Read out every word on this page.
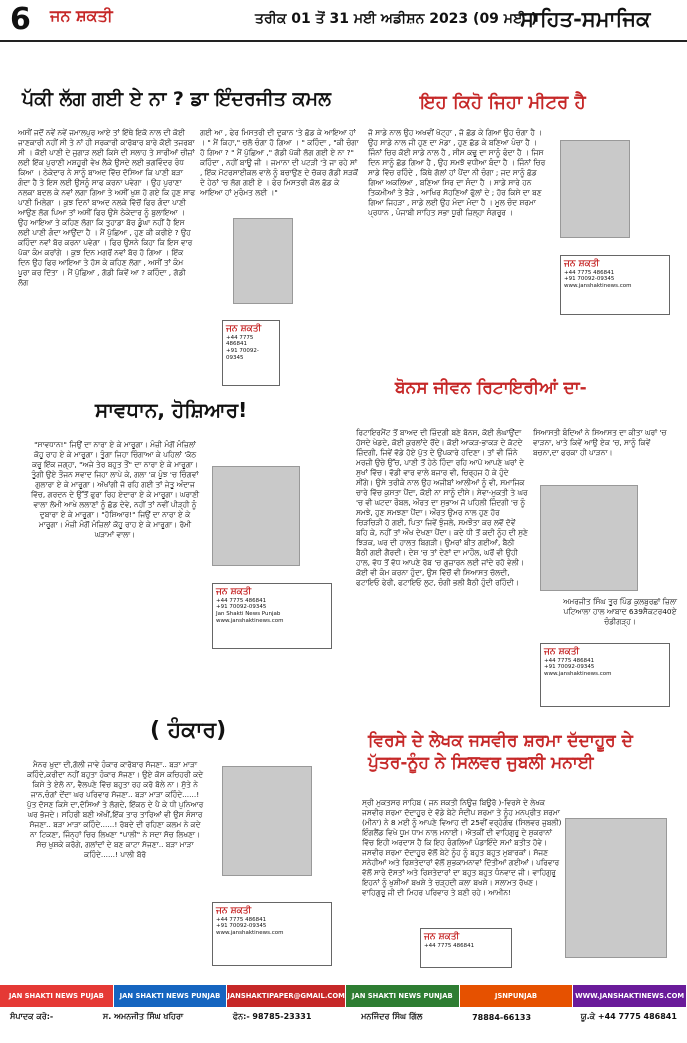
6 ਜਨ ਸ਼ਕਤੀ	ਤਰੀਕ 01 ਤੋਂ 31 ਮਈ ਅਡੀਸ਼ਨ 2023 (09 ਮਈ )
ਸਾਹਿਤ-ਸਮਾਜਿਕ
ਪੱਕੀ ਲੱਗ ਗਈ ਏ ਨਾ ? ਡਾ ਇੰਦਰਜੀਤ ਕਮਲ
ਅਸੀਂ ਜਦੋਂ ਨਵੇਂ ਨਵੇਂ ਜਮਾਲਪੁਰ ਆਏ ਤਾਂ ਇੱਥੇ ਇਕੋ ਨਾਲ ਦੀ ਕੋਈ ਜਾਣਕਾਰੀ ਨਹੀਂ ਸੀ ਤੇ ਨਾਂ ਹੀ ਸਰਕਾਰੀ ਕਾਰੋਬਾਰ ਬਾਰੇ ਕੋਈ ਤਜਰਬਾ ਸੀ । ਕੋਈ ਪਾਣੀ ਦੇ ਜੁਗਾੜ ਲਈ ਕਿਸੇ ਦੀ ਸਲਾਹ ਤੇ ਸਾਰੀਆਂ ਚੀਜ਼ਾਂ ਲਈ ਇੱਕ ਪੁਰਾਣੀ ਮਸ਼ਹੂਰੀ ਵੇਖ ਲੈਕੇ ਉਸਦੇ ਲਈ ਭਗਵਿੰਦਰ ਰੰਧ ਕਿਆ । ਠੇਕੇਦਾਰ ਨੇ ਸਾਨੂੰ ਬਾਅਦ ਵਿੱਚ ਦੱਸਿਆ ਕਿ ਪਾਣੀ ਬੜਾ ਗੰਦਾ ਹੈ ਤੇ ਇਸ ਲਈ ਉਸਨੂੰ ਸਾਫ ਕਰਨਾ ਪਵੇਗਾ । ਉਹ ਪੁਰਾਣਾ ਨਲਕਾ ਬਦਲ ਕੇ ਨਵਾਂ ਲਗਾ ਗਿਆ ਤੇ ਅਸੀਂ ਖੁਸ਼ ਹੋ ਗਏ ਕਿ ਹੁਣ ਸਾਫ ਪਾਣੀ ਮਿਲੇਗਾ । ਕੁਝ ਦਿਨਾਂ ਬਾਅਦ ਨਲਕੇ ਵਿੱਚੋਂ ਫਿਰ ਗੰਦਾ ਪਾਣੀ ਆਉਣ ਲੱਗ ਪਿਆ ਤਾਂ ਅਸੀਂ ਫਿਰ ਉਸੇ ਠੇਕੇਦਾਰ ਨੂੰ ਬੁਲਾਇਆ । ਉਹ ਆਇਆ ਤੇ ਕਹਿਣ ਲੱਗਾ ਕਿ ਤੁਹਾਡਾ ਬੋਰ ਡੂੰਘਾ ਨਹੀਂ ਹੈ ਇਸ ਲਈ ਪਾਣੀ ਗੰਦਾ ਆਉਂਦਾ ਹੈ । ਮੈਂ ਪੁੱਛਿਆ , ਹੁਣ ਕੀ ਕਰੀਏ ? ਉਹ ਕਹਿੰਦਾ ਨਵਾਂ ਬੋਰ ਕਰਨਾ ਪਵੇਗਾ । ਫਿਰ ਉਸਨੇ ਕਿਹਾ ਕਿ ਇਸ ਵਾਰ ਪੱਕਾ ਕੰਮ ਕਰਾਂਗੇ । ਕੁਝ ਦਿਨ ਮਗਰੋਂ ਨਵਾਂ ਬੋਰ ਹੋ ਗਿਆ । ਇੱਕ ਦਿਨ ਉਹ ਫਿਰ ਆਇਆ ਤੇ ਹੱਸ ਕੇ ਕਹਿਣ ਲੱਗਾ , ਅਸੀਂ ਤਾਂ ਕੰਮ ਪੂਰਾ ਕਰ ਦਿੱਤਾ । ਮੈਂ ਪੁੱਛਿਆ , ਗੱਡੀ ਕਿਵੇਂ ਆ ? ਕਹਿੰਦਾ , ਗੱਡੀ ਲੱਗ
ਗਈ ਆ , ਫੇਰ ਮਿਸਤਰੀ ਦੀ ਦੁਕਾਨ 'ਤੇ ਛੱਡ ਕੇ ਆਇਆ ਹਾਂ । " ਮੈਂ ਕਿਹਾ," ਚਲੋ ਚੰਗਾ ਹੋ ਗਿਆ । " ਕਹਿੰਦਾ , "ਕੀ ਚੰਗਾ ਹੋ ਗਿਆ ? " ਮੈਂ ਪੁੱਛਿਆ ," ਗੱਡੀ ਪੱਕੀ ਲੱਗ ਗਈ ਏ ਨਾ ?" ਕਹਿੰਦਾ , ਨਹੀਂ ਬਾਊ ਜੀ । ਜਮਾਨਾ ਦੀ ਪਟੜੀ 'ਤੇ ਜਾ ਰਹੇ ਸਾਂ , ਇੱਕ ਮੋਟਰਸਾਈਕਲ ਵਾਲੇ ਨੂੰ ਬਚਾਉਣ ਦੇ ਚੱਕਰ ਗੱਡੀ ਸੜਕੋਂ ਦੇ ਹੇਠਾਂ 'ਚ ਲੱਗ ਗਈ ਏ । ਫੇਰ ਮਿਸਤਰੀ ਕੋਲ ਛੱਡ ਕੇ ਆਇਆ ਹਾਂ ਮੁਰੰਮਤ ਲਈ ।"
ਜਨ ਸ਼ਕਤੀ
+44 7775 486841
+91 70092-09345
ਇਹ ਕਿਹੋ ਜਿਹਾ ਮੀਟਰ ਹੈ
ਜੋ ਸਾਡੇ ਨਾਲ ਉਹ ਅਖਵੀਂ ਖੋਟ੍ਹਾ , ਜੋ ਛੱਡ ਕੇ ਗਿਆ ਉਹ ਚੰਗਾ ਹੈ । ਉਹ ਸਾਡੇ ਨਾਲ ਜੀ ਹੁਣ ਦਾ ਮੋਡਾ , ਹੁਣ ਛੱਡ ਕੇ ਬਣਿਆ ਪੰਚਾ ਹੈ । ਜਿੰਨਾਂ ਚਿਰ ਕੋਈ ਸਾਡੇ ਨਾਲ ਹੈ , ਸੀਸ ਕਢੂ ਦਾ ਸਾਨੂੰ ਫੰਦਾ ਹੈ । ਜਿਸ ਦਿਨ ਸਾਨੂੰ ਛੱਡ ਗਿਆ ਹੈ , ਉਹ ਸਮਝੋ ਵਧੀਆ ਬੰਦਾ ਹੈ । ਜਿੰਨਾਂ ਚਿਰ ਸਾਡੇ ਵਿੱਚ ਰਹਿੰਦੇ , ਕਿੱਥੇ ਗੱਲਾਂ ਹਾਂ ਪੈਂਦਾ ਨੀ ਚੰਗਾ ; ਜਦ ਸਾਨੂੰ ਛੱਡ ਗਿਆ ਅਕਲਿਆ , ਬਣਿਆ ਸਿਰ ਦਾ ਸੰਦਾ ਹੈ । ਸਾਡੇ ਸਾਰੇ ਹਨ ਤਿਕਮੀਆਂ ਤੇ ਭੈੜੇ , ਆਖਿਰ ਸੋਹਣਿਆਂ ਫੁੱਲਾਂ ਦੇ ; ਹੋਰ ਕਿਸੇ ਦਾ ਬਣ ਗਿਆ ਜਿਹੜਾ , ਸਾਡੇ ਲਈ ਉਹ ਮੰਦਾ ਮੰਦਾ ਹੈ । ਮੂਲ ਚੰਦ ਸ਼ਰਮਾ ਪ੍ਰਧਾਨ , ਪੰਜਾਬੀ ਸਾਹਿਤ ਸਭਾ ਧੂਰੀ ਜ਼ਿਲ੍ਹਾ ਸੰਗਰੂਰ ।
ਜਨ ਸ਼ਕਤੀ
+44 7775 486841
+91 70092-09345
www.janshaktinews.com
ਸਾਵਧਾਨ, ਹੋਸ਼ਿਆਰ!
"ਸਾਵਧਾਨ!" ਜਿਉਂ ਦਾ ਨਾਰਾ ਏ ਕੇ ਮਾਰੂਗਾ। ਮੰਜ਼ੀ ਮੰਗੋਂ ਮੰਜ਼ਿਲਾਂ ਕੋਹੂ ਰਾਹ ਏ ਕੇ ਮਾਰੂਗਾ। ਤੂੰਗਾ ਜਿਹਾ ਚਿੰਗਾਆ ਕੇ ਪਹਿਲਾਂ 'ਕੱਠ ਕਰੂ ਇੱਕ ਜਗ੍ਹਾ, "ਅਜੇ ਤੇਰ ਬਹੁਤ ਤੌਂ" ਦਾ ਨਾਰਾ ਏ ਕੇ ਮਾਰੂਗਾ। ਤੂੰਗੀ ਉਏ ਤੌਜਨ ਸਵਾਦ ਜਿਹਾ ਲਾਪੇ ਕੇ, ਗਲਾ 'ਕ ਪੂੰਝ 'ਚ ਚਿੰਗਵਾਂ ਗੁਲਾਰਾ ਏ ਕੇ ਮਾਰੂਗਾ। ਅੱਖਾਂਗੀ ਜੋ ਰਹਿ ਗਈ ਤਾਂ ਜੇਤੂ ਅੰਦਾਜ ਵਿੱਚ, ਗਰਦਨ ਦੇ ਉੱਤੋਂ ਫੁਰਾ ਰਿਹ ਏਦਾਰਾ ਏ ਕੇ ਮਾਰੂਗਾ। ਘਰਾਣੀ ਵਾਲਾ ਲੋਮੀ ਆਖੇ ਲਲਾਣਾਂ ਨੂੰ ਛੱਡ ਦੇਵੇ, ਨਹੀਂ ਤਾਂ ਨਵੀਂ ਪੀੜ੍ਹੀ ਨੂੰ ਦੁਬਾਰਾ ਏ ਕੇ ਮਾਰੂਗਾ। "ਹੋਸ਼ਿਆਰ!" ਜਿਉਂ ਦਾ ਨਾਰਾ ਏ ਕੇ ਮਾਰੂਗਾ। ਮੰਜ਼ੀ ਮੰਗੋਂ ਮੰਜ਼ਿਲਾਂ ਕੋਹੂ ਰਾਹ ਏ ਕੇ ਮਾਰੂਗਾ। ਰੋਮੀ ਘੜਾਮਾਂ ਵਾਲਾ।
ਜਨ ਸ਼ਕਤੀ
+44 7775 486841
+91 70092-09345
Jan Shakti News Punjab
www.janshaktinews.com
ਬੋਨਸ ਜੀਵਨ ਰਿਟਾਇਰੀਆਂ ਦਾ-
ਰਿਟਾਇਰਮੈਂਟ ਤੋਂ ਬਾਅਦ ਦੀ ਜ਼ਿੰਦਗੀ ਬਣੇ ਬੋਨਸ, ਕੋਈ ਲੰਘਾਉਂਦਾ ਹੱਸਦੇ ਖੇਡਦੇ, ਕੋਈ ਕੁਰਲਾਂਦੇ ਰੋਂਦੇ। ਕੋਈ ਆਕੜ-ਭਾਕੜ ਦੇ ਕੱਟਦੇ ਜ਼ਿੰਦਗੀ, ਜਿਵੇਂ ਵੱਡੇ ਹੋਏ ਪੁੱਤ ਦੇ ਉਪਕਾਰੇ ਹਦਿਣਾ। ਤਾਂ ਵੀ ਜਿੰਨੇ ਮਰਜ਼ੀ ਉਚੇ ਉੱਚ, ਪਾਣੀ ਤੋਂ ਹੇਠੇ ਹਿੰਦਾ ਰਹਿ ਆਪੋ ਆਪਣੇ ਘਰਾਂ ਦੇ ਸੁਖਾਂ ਵਿੱਚ। ਵੱਡੀ ਵਾਰ ਵਾਲੇ ਬਜਾਰ ਵੀ, ਚਿਰ੍ਹਜ ਹੋ ਕੇ ਹੁੰਦੇ ਸੀਂਗੇ। ਉਸੇ ਤਰੀਕੇ ਨਾਲ ਉਹ ਅਜੀਬਾਂ ਆਲੀਆਂ ਨੂੰ ਵੀ, ਸਮਾਜਿਕ ਚਾਰੇ ਵਿੱਚ ਕੁਸਤਾ ਪੈਂਦਾ, ਕੋਈ ਨਾ ਸਾਨੂੰ ਦੀਸੇ। ਸੇਵਾ-ਮੁਕਤੀ ਤੇ ਘਰ 'ਚ ਵੀ ਘਟਦਾ ਰੌਬਲ, ਔਰਤ ਦਾ ਸੁਭਾਅ ਜੋ ਪਹਿਲੀ ਜ਼ਿੰਦਗੀ 'ਚ ਨੂੰ ਸਮਝੇ, ਹੁਣ ਸਮਝਣਾ ਪੈਂਦਾ। ਔਰਤ ਉਮਰ ਨਾਲ ਹੁਣ ਹੋਰ ਚਿੜਚਿੜੀ ਹੋ ਗਈ, ਪਿਤਾ ਜਿਵੇਂ ਝੁੰਜਲੇ, ਸਮਝੌਤਾ ਕਰ ਲਵੋਂ ਦੋਵੇਂ ਬਹਿ ਕੇ, ਨਹੀਂ ਤਾਂ ਔਖ ਦੇਖਣਾ ਪੈਂਦਾ। ਕਦੇ ਧੀ ਤੋਂ ਕਦੀ ਨੂੰਹ ਦੀ ਸੁਣੇ ਝਿੜਕ, ਘਰ ਦੀ ਹਾਲਤ ਬਿਗੜੀ। ਉਮਰਾਂ ਬੀਤ ਗਈਆਂ, ਬੈਠੀ ਬੈਠੀ ਗਈ ਗੈਰਦੀ। ਦੇਸ਼ 'ਚ ਤਾਂ ਦੇਣਾਂ ਦਾ ਮਾਹੌਲ, ਘਰੋਂ ਵੀ ਉਹੀ ਹਾਲ, ਵੱਧ ਤੋਂ ਵੱਧ ਆਪਣੇ ਰੱਬ 'ਚ ਗੁਜ਼ਾਰਨ ਲਈ ਜਾਂਦੇ ਰਹੋ ਵੇਲੀ। ਕੋਈ ਵੀ ਕੰਮ ਕਰਨਾ ਹੁੰਦਾ, ਉਸ ਵਿੱਚੋਂ ਵੀ ਸਿਆਸਤ ਚੱਲਦੀ, ਫਟਾਇਓ ਫੇਰੀ, ਫਟਾਇਓ ਲੁਟ, ਚੰਗੀ ਭਲੀ ਬੈਠੀ ਹੁੰਦੀ ਰਹਿੰਦੀ।
ਸਿਆਸਤੀ ਬੰਦਿਆਂ ਨੇ ਸਿਆਸਤ ਦਾ ਕੀਤਾ ਘਰਾਂ 'ਚ ਵਾੜਨਾ, ਖਾਤੇ ਕਿਵੇਂ ਆਉ ਏਕ 'ਚ, ਸਾਨੂੰ ਕਿਵੇਂ ਬਚਨਾ,ਦਾ ਫਰਕਾ ਹੀ ਪਾੜਨਾ।
ਅਮਰਜੀਤ ਸਿੰਘ ਤੂਰ ਪਿੰਡ ਕੁਲਬੁਰਛਾਂ ਜ਼ਿਲਾ ਪਟਿਆਲਾ ਹਾਲ ਆਬਾਦ 639ਸੈਕਟਰ40ਏ ਚੰਡੀਗੜ੍ਹ।
ਜਨ ਸ਼ਕਤੀ
+44 7775 486841
+91 70092-09345
www.janshaktinews.com
( ਹੰਕਾਰ)
ਮੈਨਰ ਖ਼ੁਦਾ ਦੀ,ਗੱਲੀ ਜਾਵੇ ਹੰਕਾਰ ਕਾਰੋਬਾਰ ਸੱਜਣਾ.. ਬੜਾ ਮਾੜਾ ਕਹਿੰਦੇ,ਕਰੀਦਾ ਨਹੀਂ ਬਹੁਤਾ ਹੰਕਾਰ ਸੱਜਣਾ। ਉਏ ਕੋਸ ਕਚਿਹਰੀ ਕਦੇ ਕਿਸੇ ਤੇ ਏਲੋ ਨਾ, ਵੈਲਪਣੇ ਵਿੱਚ ਬਹੁਤਾ ਰਹ ਕਰੋ ਬੋਲੇ ਨਾ। ਸੁੱਤੇ ਨੇ ਜਾਨ,ਚੰਗਾਂ ਦੇਂਦਾ ਘਰ ਪਰਿਵਾਰ ਸੱਜਣਾ.. ਬੜਾ ਮਾੜਾ ਕਹਿੰਦੇ......! ਪੁੱਤ ਦੱਸਣ ਕਿਸੇ ਦਾ,ਦੱਸਿਆਂ ਤੇ ਲੱਗਦੇ, ਇੱਕਠ ਦੇ ਪੈ ਕੇ ਧੀ ਪੁਨਿਆਰ ਘਰ ਭੱਜਦੇ। ਸਹਿਰੀ ਬਣੀ ਅੱਖੀਂ,ਇੱਕ ਤਾਰ ਤਾਰਿਆਂ ਵੀ ਉਸ ਸੰਸਾਰ ਸੱਜਣਾ.. ਬੜਾ ਮਾੜਾ ਕਹਿੰਦੇ......! ਰੱਬਦੇ ਦੀ ਰਹਿਣਾ ਕਲਮ ਨੇ ਕਦੇ ਨਾ ਟਿਕਣਾ, ਜਿੰਨ੍ਹਾਂ ਚਿਰ ਲਿਖਣਾ "ਪਾਲੀ" ਨੇ ਸਦਾ ਸੱਚ ਲਿਖਣਾ। ਸੱਚ ਖੁਸ਼ਕੇ ਕਰੋਗੇ, ਗਲਾਂਦਾਂ ਦੇ ਬਣ ਕਾਟਾ ਸੱਜਣਾ.. ਬੜਾ ਮਾੜਾ ਕਹਿੰਦੇ......! ਪਾਲੀ ਬੋਰੋ
ਜਨ ਸ਼ਕਤੀ
+44 7775 486841
+91 70092-09345
www.janshaktinews.com
ਵਿਰਸੇ ਦੇ ਲੇਖਕ ਜਸਵੀਰ ਸ਼ਰਮਾ ਦੱਦਾਹੂਰ ਦੇ ਪੁੱਤਰ-ਨੂੰਹ ਨੇ ਸਿਲਵਰ ਜੁਬਲੀ ਮਨਾਈ
ਸ੍ਰੀ ਮੁਕਤਸਰ ਸਾਹਿਬ ( ਜਨ ਸ਼ਕਤੀ ਨਿਊਜ਼ ਬਿਊਰੋ )-ਵਿਰਸੇ ਦੇ ਲੇਖਕ ਜਸਵੀਰ ਸ਼ਰਮਾ ਦੱਦਾਹੂਰ ਦੇ ਵੱਡੇ ਬੇਟੇ ਸੰਦੀਪ ਸ਼ਰਮਾ ਤੇ ਨੂੰਹ ਮਨਪ੍ਰੀਤ ਸ਼ਰਮਾ (ਮੀਨਾ) ਨੇ 8 ਮਈ ਨੂੰ ਆਪਣੇ ਵਿਆਹ ਦੀ 25ਵੀਂ ਵਰ੍ਹੇਗੰਢ (ਸਿਲਵਰ ਜੁਬਲੀ) ਇੰਗਲੈਂਡ ਵਿਖੇ ਧੂਮ ਧਾਮ ਨਾਲ ਮਨਾਈ। ਐਤਕੀਂ ਦੀ ਵਾਹਿਗੁਰੂ ਦੇ ਸ਼ੁਕਰਾਨਾਂ ਵਿੱਚ ਇਹੀ ਅਰਦਾਸ ਹੈ ਕਿ ਇਹ ਰੰਗਲਿਆਂ ਪੰਡਾਇੰਦੇ ਸਮਾਂ ਬਤੀਤ ਹੋਵੇ। ਜਸਵੀਰ ਸ਼ਰਮਾ ਦੱਦਾਹੂਰ ਵੱਲੋਂ ਬੇਟੇ ਨੂੰਹ ਨੂੰ ਬਹੁਤ ਬਹੁਤ ਮੁਬਾਰਕਾਂ। ਸੱਜਣ ਸਨੇਹੀਆਂ ਅਤੇ ਰਿਸ਼ਤੇਦਾਰਾਂ ਵੱਲੋਂ ਸ਼ੁਭਕਾਮਨਾਵਾਂ ਦਿੱਤੀਆਂ ਗਈਆਂ। ਪਰਿਵਾਰ ਵੱਲੋਂ ਸਾਰੇ ਦੋਸਤਾਂ ਅਤੇ ਰਿਸ਼ਤੇਦਾਰਾਂ ਦਾ ਬਹੁਤ ਬਹੁਤ ਧੰਨਵਾਦ ਜੀ। ਵਾਹਿਗੁਰੂ ਇਹਨਾਂ ਨੂੰ ਖੁਸ਼ੀਆਂ ਬਖਸ਼ੇ ਤੇ ਚੜ੍ਹਦੀ ਕਲਾ ਬਖਸ਼ੇ। ਸਲਾਮਤ ਰੱਖਣ। ਵਾਹਿਗੁਰੂ ਜੀ ਦੀ ਮਿਹਰ ਪਰਿਵਾਰ ਤੇ ਬਣੀ ਰਹੇ। ਆਮੀਨ!
ਜਨ ਸ਼ਕਤੀ
+44 7775 486841
JAN SHAKTI NEWS PUJAB	JAN SHAKTI NEWS PUNJAB	JANSHAKTIPAPER@GMAIL.COM	JAN SHAKTI NEWS PUNJAB	JSNPUNJAB	WWW.JANSHAKTINEWS.COM
ਸੰਪਾਦਕ ਕਰੋ:-	ਸ. ਅਮਨਜੀਤ ਸਿੰਘ ਖਹਿਰਾ	ਫੋਨ:- 98785-23331	ਮਨਜਿੰਦਰ ਸਿੰਘ ਗਿੱਲ	78884-66133	ਯੂ.ਕੇ +44 7775 486841
